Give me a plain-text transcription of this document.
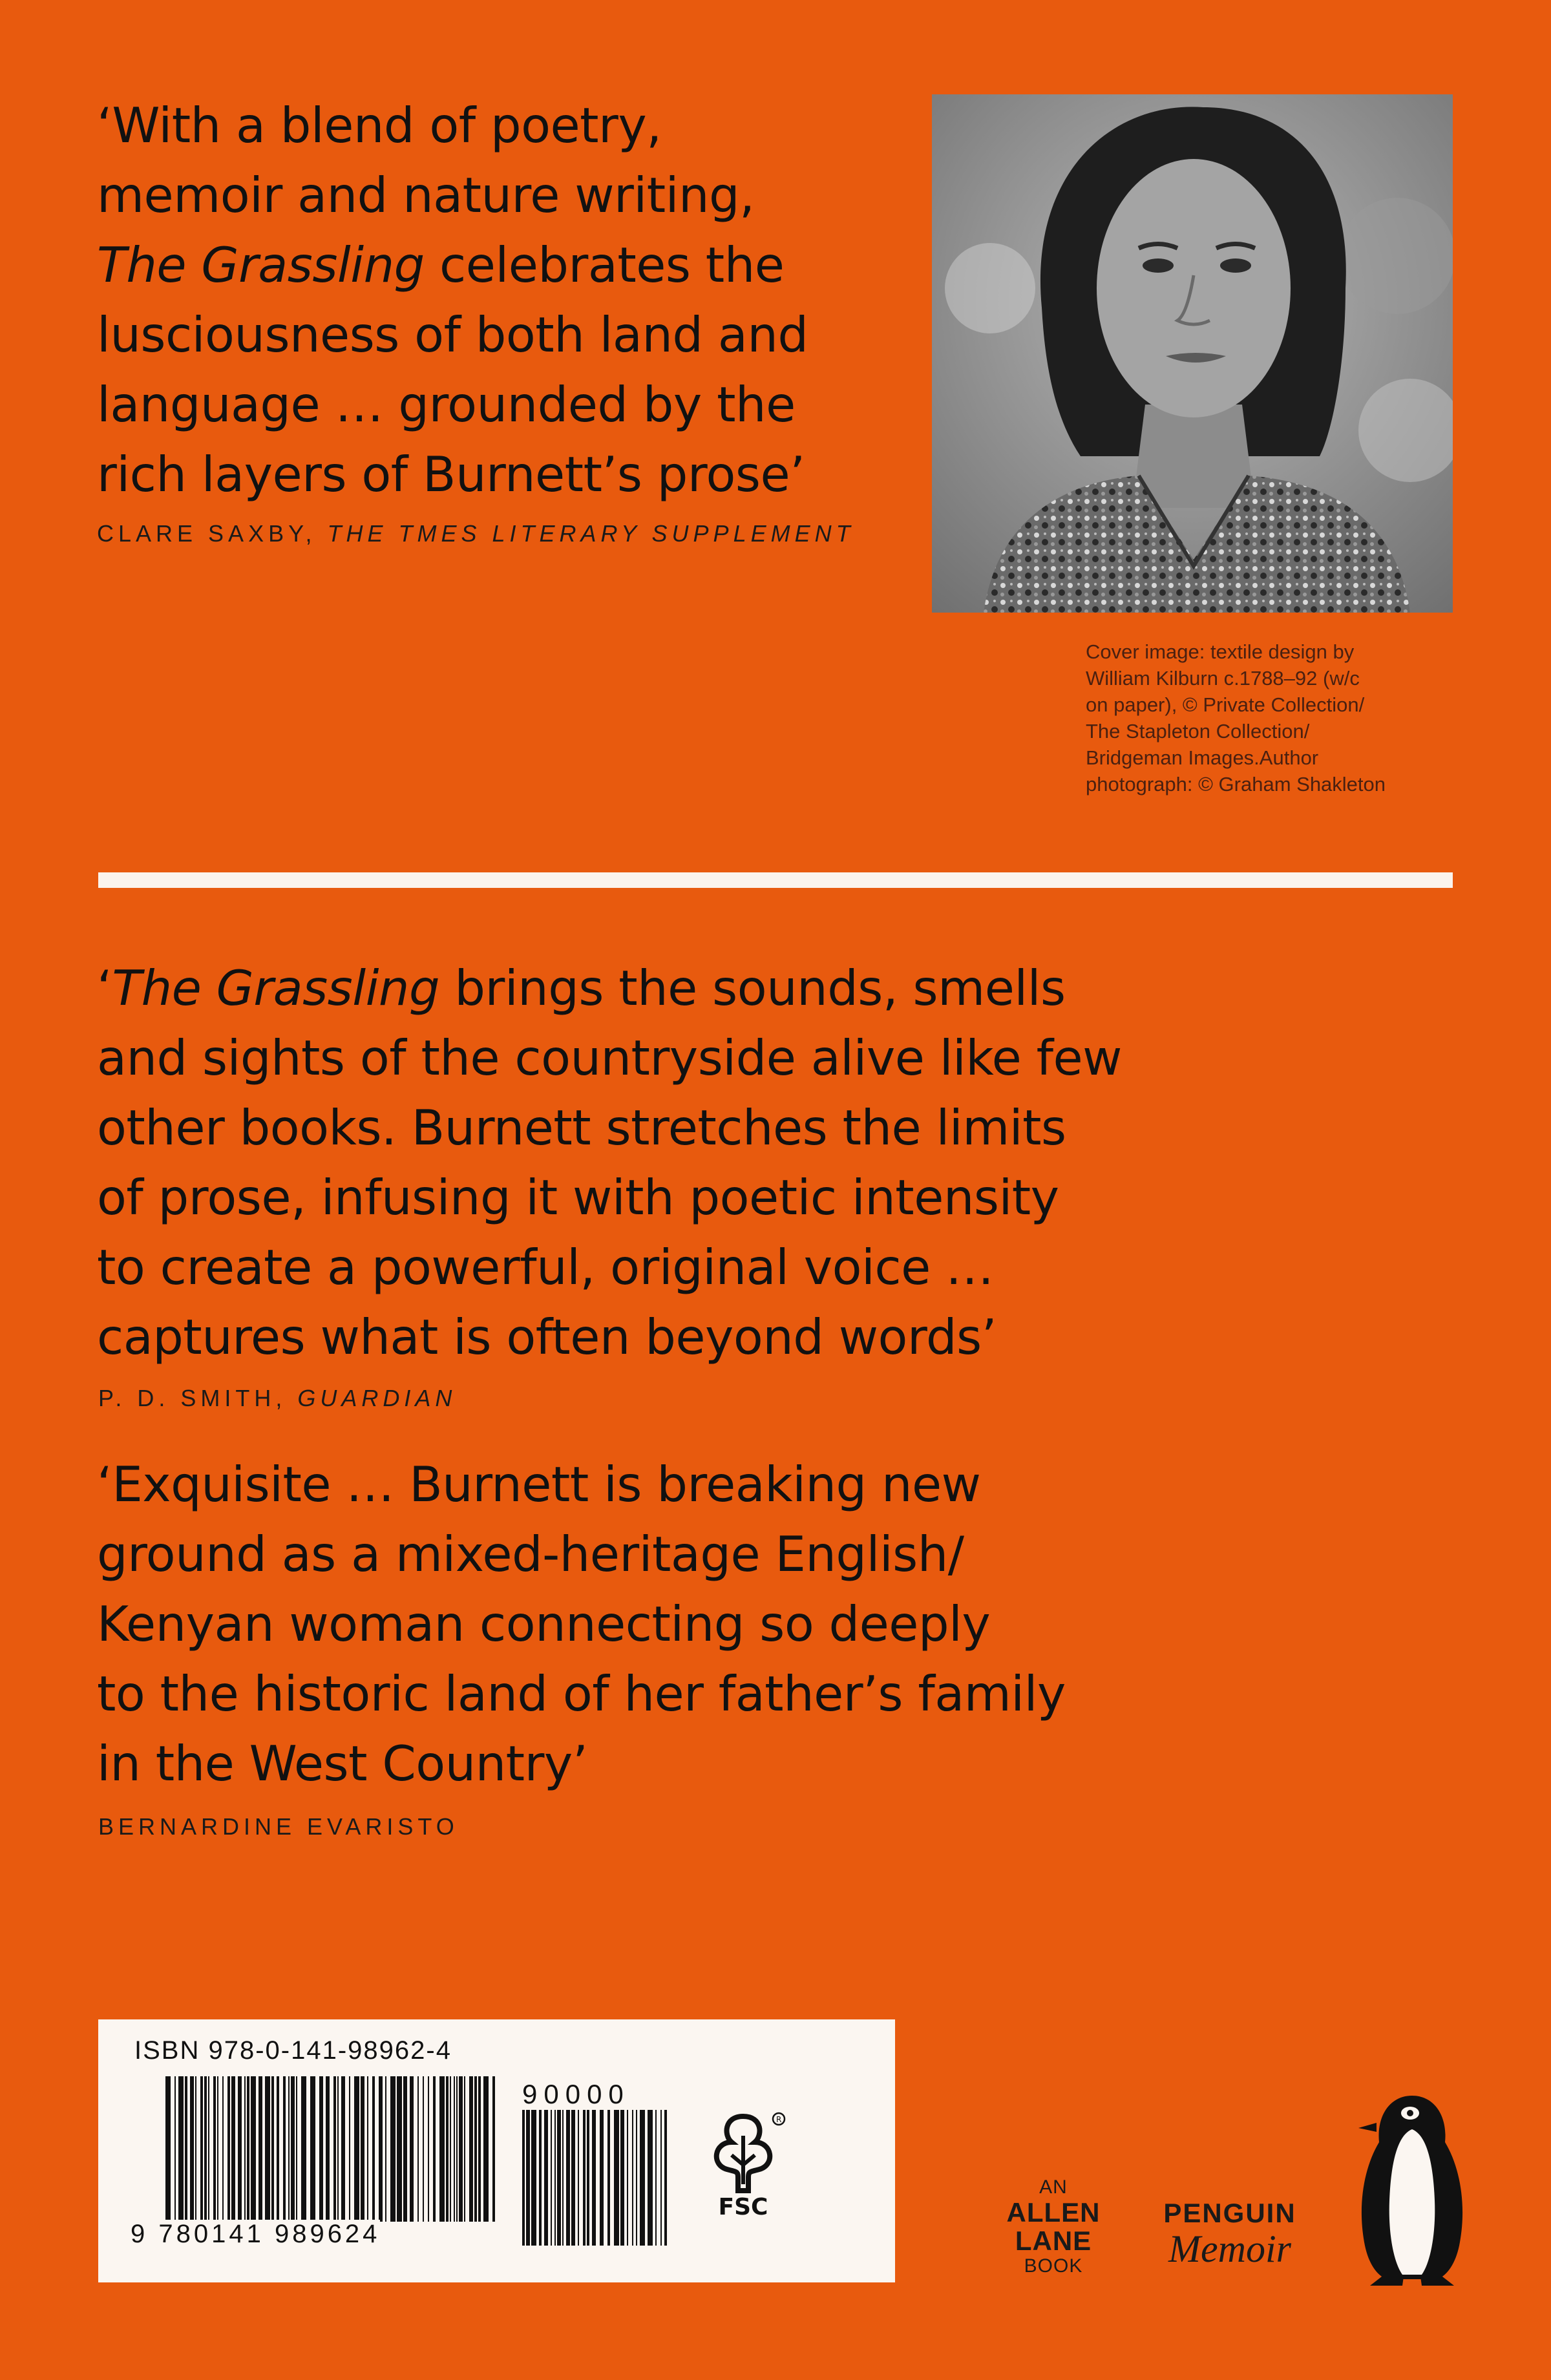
‘With a blend of poetry,
memoir and nature writing,
The Grassling celebrates the
lusciousness of both land and
language … grounded by the
rich layers of Burnett’s prose’
CLARE SAXBY, THE TMES LITERARY SUPPLEMENT
Cover image: textile design by
William Kilburn c.1788–92 (w/c
on paper), © Private Collection/
The Stapleton Collection/
Bridgeman Images.Author
photograph: © Graham Shakleton
‘The Grassling brings the sounds, smells
and sights of the countryside alive like few
other books. Burnett stretches the limits
of prose, infusing it with poetic intensity
to create a powerful, original voice …
captures what is often beyond words’
P. D. SMITH, GUARDIAN
‘Exquisite … Burnett is breaking new
ground as a mixed-heritage English/
Kenyan woman connecting so deeply
to the historic land of her father’s family
in the West Country’
BERNARDINE EVARISTO
ISBN 978-0-141-98962-4
9 780141 989624
90000
R
FSC
AN
ALLEN
LANE
BOOK
PENGUIN
Memoir
